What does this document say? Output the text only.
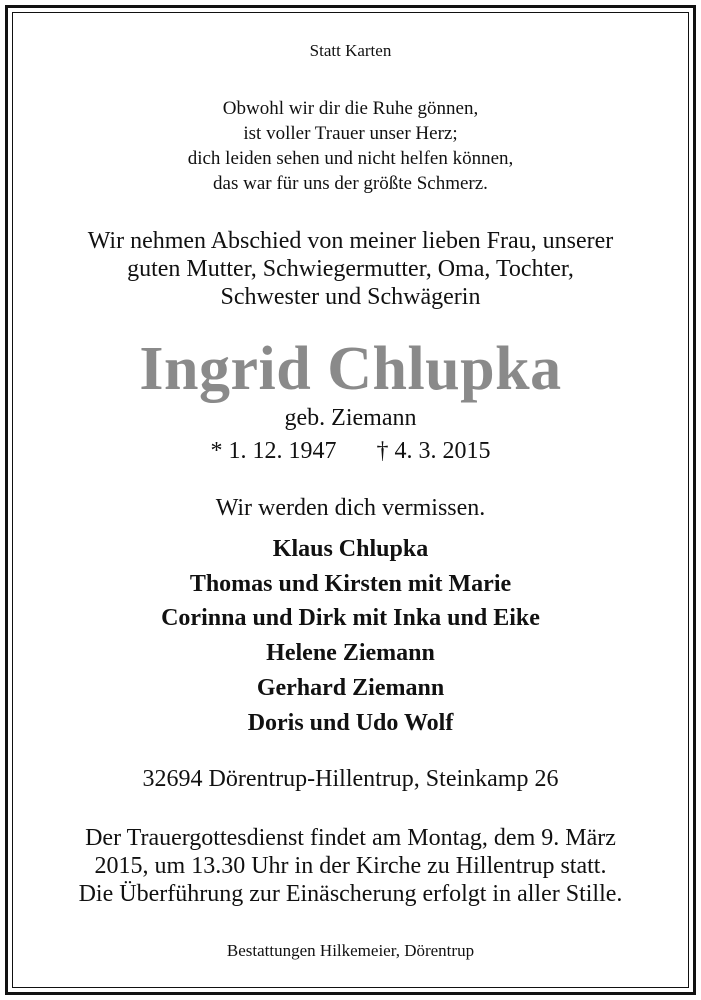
Statt Karten
Obwohl wir dir die Ruhe gönnen,
ist voller Trauer unser Herz;
dich leiden sehen und nicht helfen können,
das war für uns der größte Schmerz.
Wir nehmen Abschied von meiner lieben Frau, unserer
guten Mutter, Schwiegermutter, Oma, Tochter,
Schwester und Schwägerin
Ingrid Chlupka
geb. Ziemann
* 1. 12. 1947 † 4. 3. 2015
Wir werden dich vermissen.
Klaus Chlupka
Thomas und Kirsten mit Marie
Corinna und Dirk mit Inka und Eike
Helene Ziemann
Gerhard Ziemann
Doris und Udo Wolf
32694 Dörentrup-Hillentrup, Steinkamp 26
Der Trauergottesdienst findet am Montag, dem 9. März
2015, um 13.30 Uhr in der Kirche zu Hillentrup statt.
Die Überführung zur Einäscherung erfolgt in aller Stille.
Bestattungen Hilkemeier, Dörentrup
